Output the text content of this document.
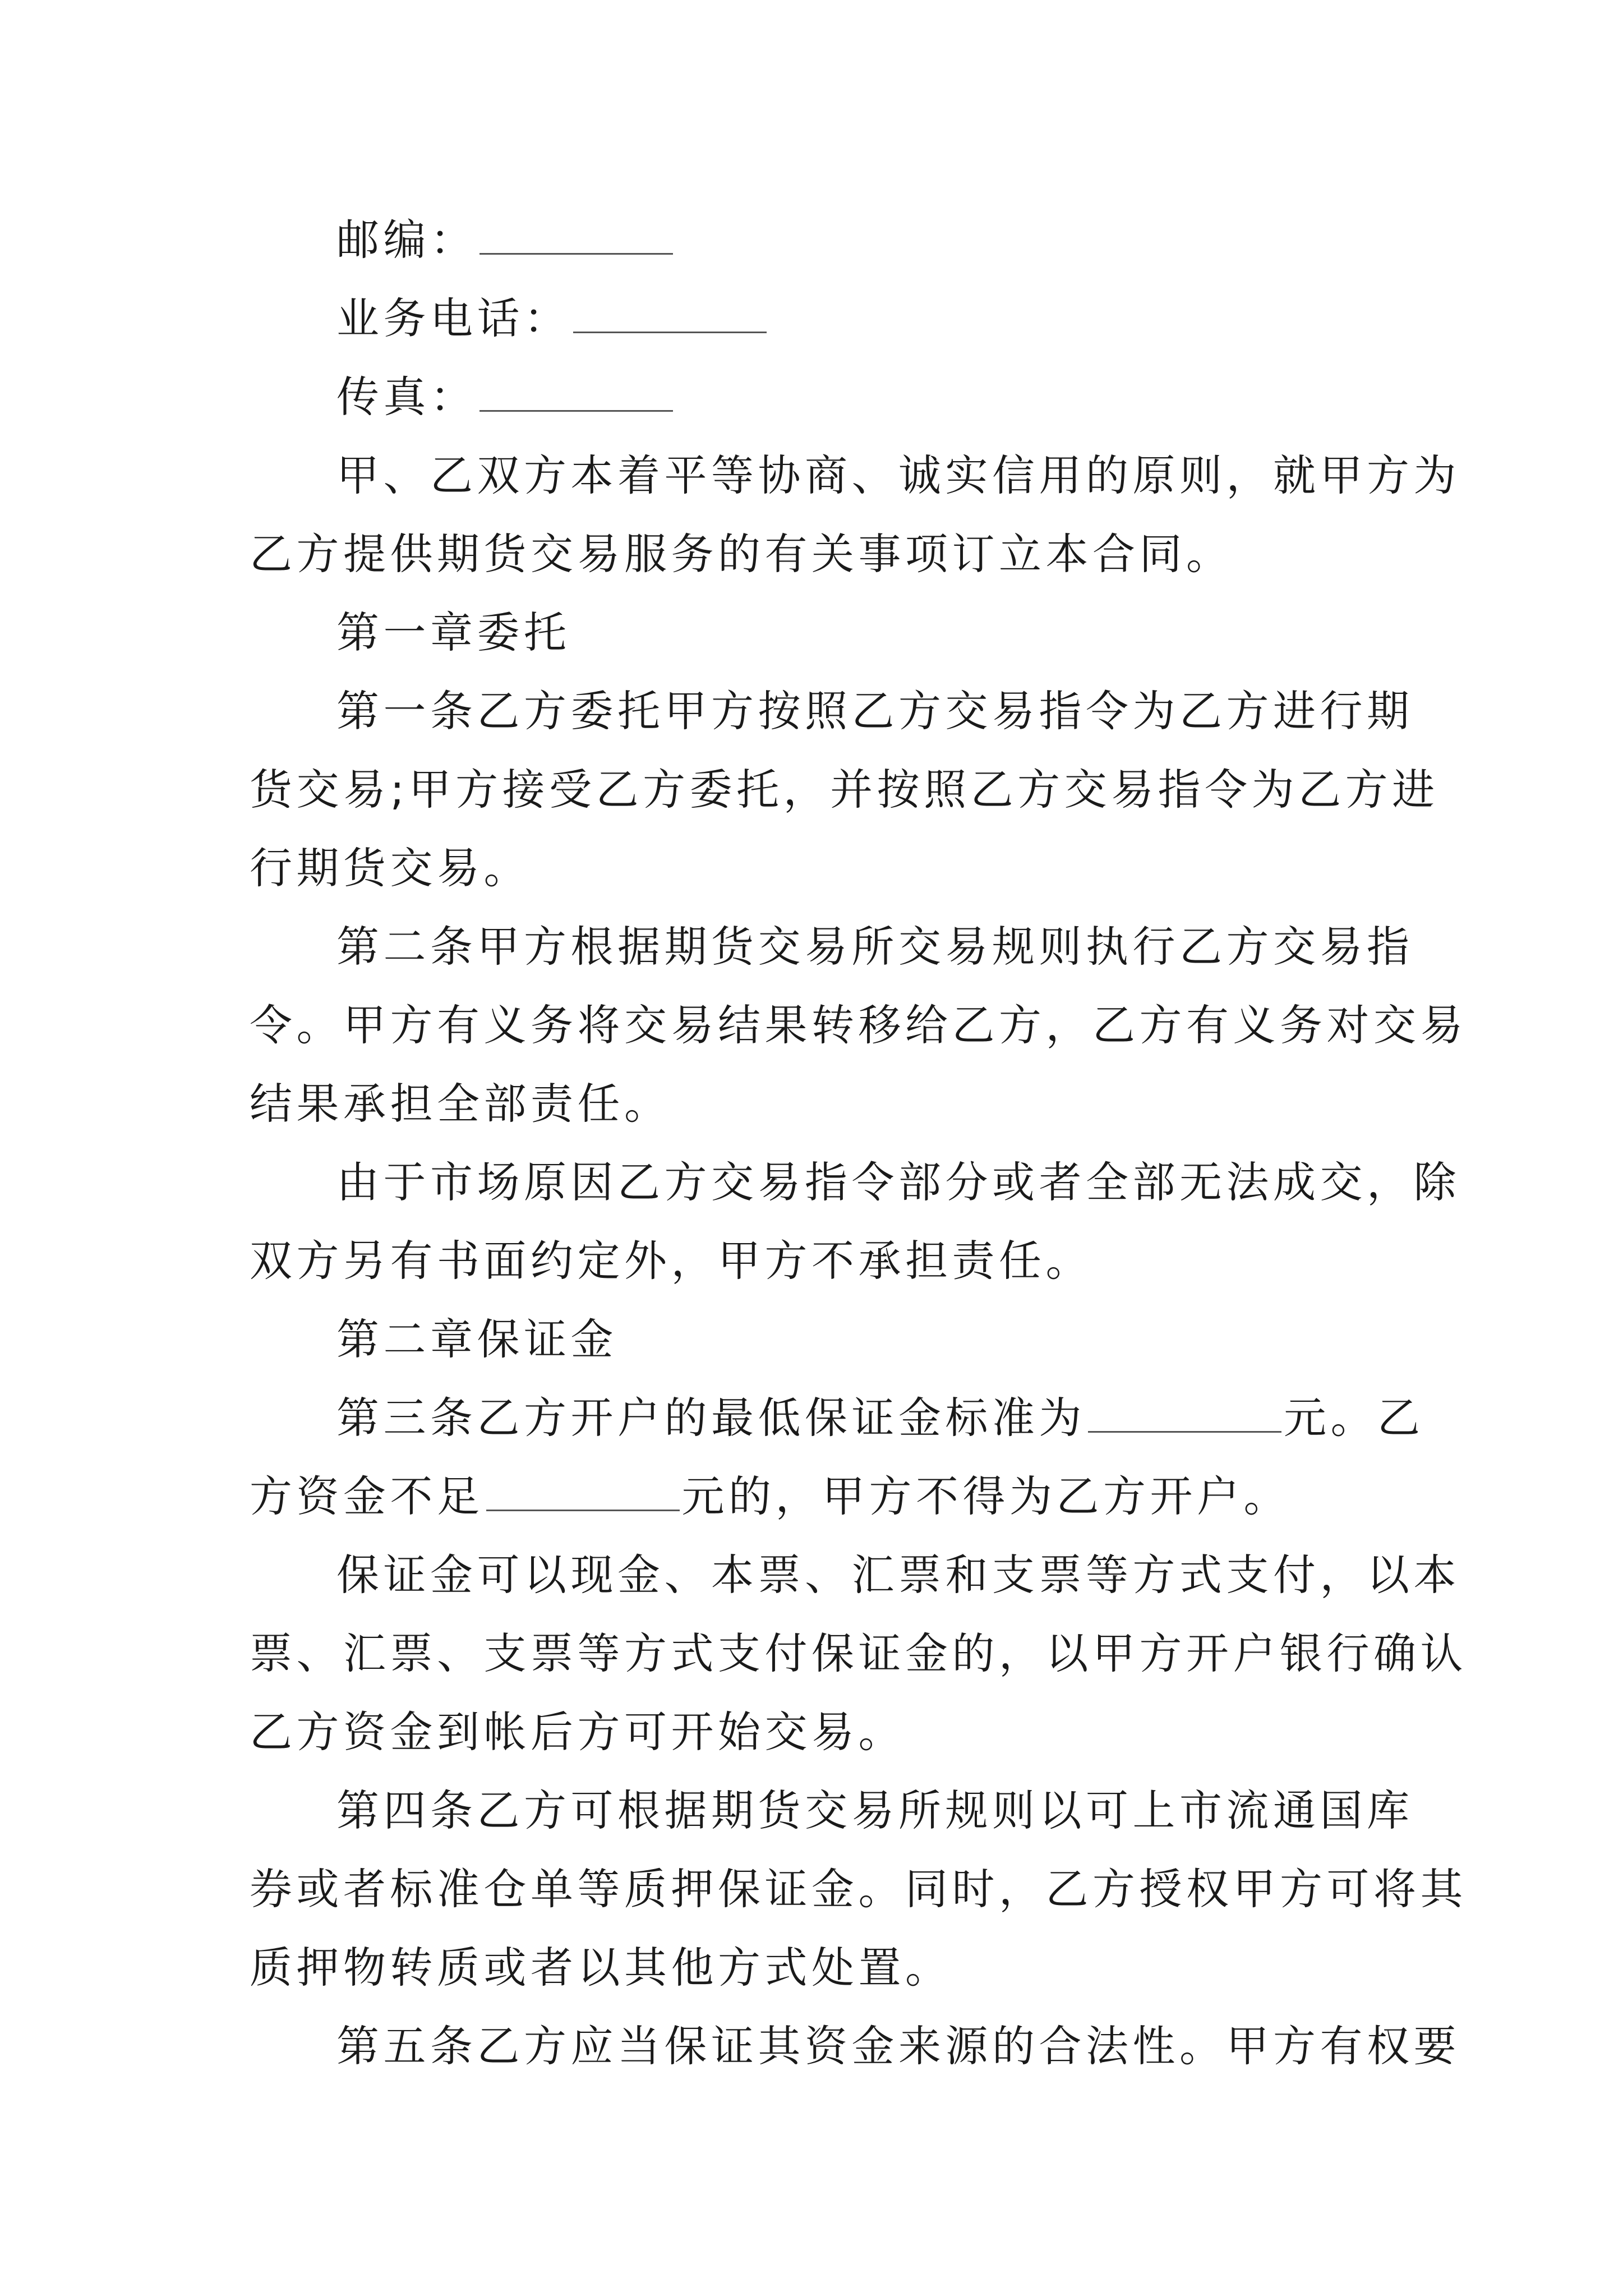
邮编：
业务电话：
传真：
甲、乙双方本着平等协商、诚实信用的原则，就甲方为
乙方提供期货交易服务的有关事项订立本合同。
第一章委托
第一条乙方委托甲方按照乙方交易指令为乙方进行期
货交易;甲方接受乙方委托，并按照乙方交易指令为乙方进
行期货交易。
第二条甲方根据期货交易所交易规则执行乙方交易指
令。甲方有义务将交易结果转移给乙方，乙方有义务对交易
结果承担全部责任。
由于市场原因乙方交易指令部分或者全部无法成交，除
双方另有书面约定外，甲方不承担责任。
第二章保证金
第三条乙方开户的最低保证金标准为	元。乙
方资金不足	元的，甲方不得为乙方开户。
保证金可以现金、本票、汇票和支票等方式支付，以本
票、汇票、支票等方式支付保证金的，以甲方开户银行确认
乙方资金到帐后方可开始交易。
第四条乙方可根据期货交易所规则以可上市流通国库
券或者标准仓单等质押保证金。同时，乙方授权甲方可将其
质押物转质或者以其他方式处置。
第五条乙方应当保证其资金来源的合法性。甲方有权要
